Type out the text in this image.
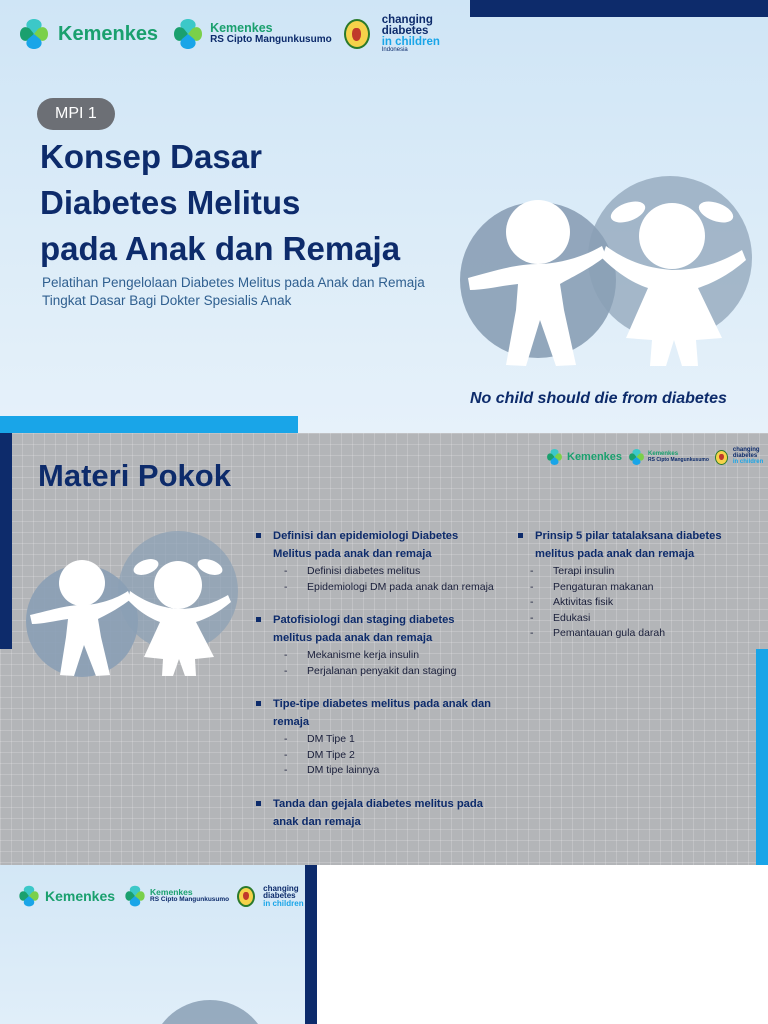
Kemenkes	Kemenkes
RS Cipto Mangunkusumo
changing
diabetes
in children
Indonesia
MPI 1
Konsep Dasar
Diabetes Melitus
pada Anak dan Remaja

Pelatihan Pengelolaan Diabetes Melitus pada Anak dan Remaja
Tingkat Dasar Bagi Dokter Spesialis Anak

No child should die from diabetes
Kemenkes	Kemenkes
RS Cipto Mangunkusumo
changing
diabetes
in children
Materi Pokok
Definisi dan epidemiologi Diabetes Melitus pada anak dan remaja
- Definisi diabetes melitus
- Epidemiologi DM pada anak dan remaja
Patofisiologi dan staging diabetes melitus pada anak dan remaja
- Mekanisme kerja insulin
- Perjalanan penyakit dan staging
Tipe-tipe diabetes melitus pada anak dan remaja
- DM Tipe 1
- DM Tipe 2
- DM tipe lainnya
Tanda dan gejala diabetes melitus pada anak dan remaja
Prinsip 5 pilar tatalaksana diabetes melitus pada anak dan remaja
- Terapi insulin
- Pengaturan makanan
- Aktivitas fisik
- Edukasi
- Pemantauan gula darah
Kemenkes	Kemenkes
RS Cipto Mangunkusumo
changing
diabetes
in children
